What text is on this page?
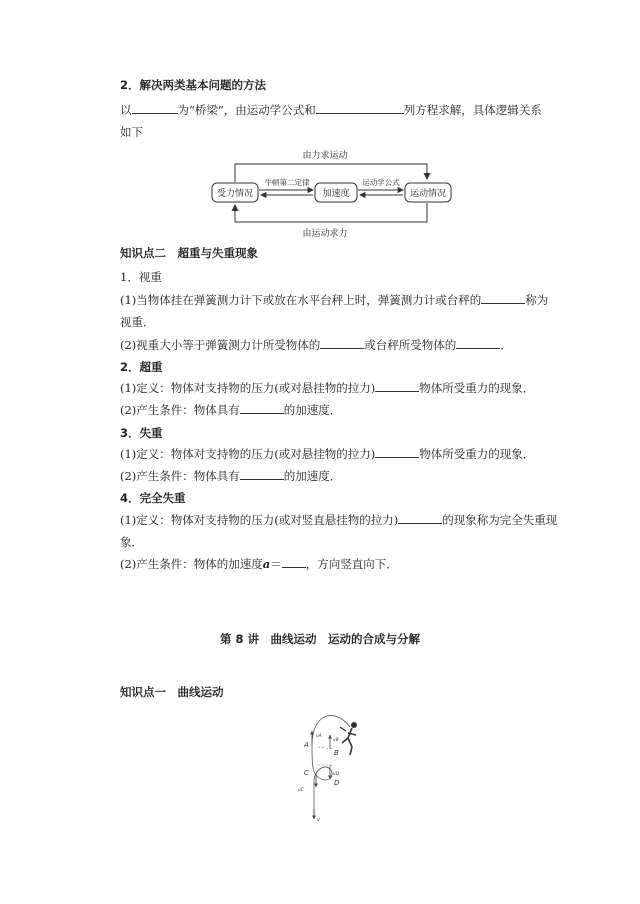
2．解决两类基本问题的方法
以	为“桥梁”，由运动学公式和	列方程求解，具体逻辑关系
如下
由力求运动
受力情况	加速度	运动情况
牛顿第二定律	运动学公式
由运动求力
知识点二　超重与失重现象
1．视重
(1)当物体挂在弹簧测力计下或放在水平台秤上时，弹簧测力计或台秤的	称为
视重．
(2)视重大小等于弹簧测力计所受物体的	或台秤所受物体的	．
2．超重
(1)定义：物体对支持物的压力(或对悬挂物的拉力)	物体所受重力的现象．
(2)产生条件：物体具有	的加速度．
3．失重
(1)定义：物体对支持物的压力(或对悬挂物的拉力)	物体所受重力的现象．
(2)产生条件：物体具有	的加速度．
4．完全失重
(1)定义：物体对支持物的压力(或对竖直悬挂物的拉力)	的现象称为完全失重现
象．
(2)产生条件：物体的加速度a＝ ，方向竖直向下．
第 8 讲　曲线运动　运动的合成与分解
知识点一　曲线运动
A
B
C
D
vA
vB
vC
vD
v
